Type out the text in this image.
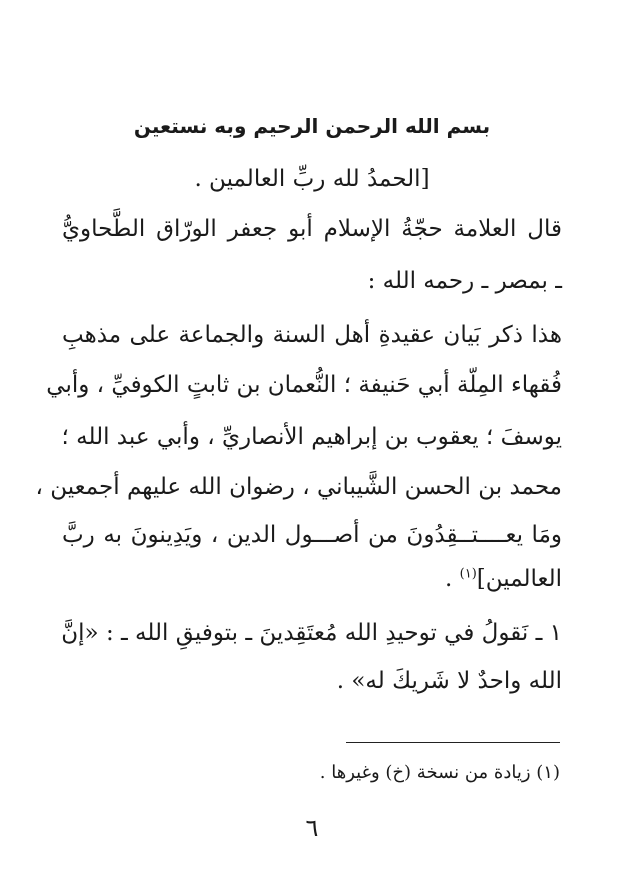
بسم الله الرحمن الرحيم وبه نستعين
[الحمدُ لله ربِّ العالمين .
قال العلامة حجّةُ الإسلام أبو جعفر الورّاق الطَّحاويُّ
ـ بمصر ـ رحمه الله :
هذا ذكر بَيان عقيدةِ أهل السنة والجماعة على مذهبِ
فُقهاء المِلّة أبي حَنيفة ؛ النُّعمان بن ثابتٍ الكوفيِّ ، وأبي
يوسفَ ؛ يعقوب بن إبراهيم الأنصاريِّ ، وأبي عبد الله ؛
محمد بن الحسن الشَّيباني ، رضوان الله عليهم أجمعين ،
ومَا يعــــتــقِدُونَ من أصـــول الدين ، ويَدِينونَ به ربَّ
العالمين]$^{(١)}$ .
١ ـ نَقولُ في توحيدِ الله مُعتَقِدينَ ـ بتوفيقِ الله ـ : «إنَّ
الله واحدٌ لا شَريكَ له» .
(١) زيادة من نسخة (خ) وغيرها .
٦
